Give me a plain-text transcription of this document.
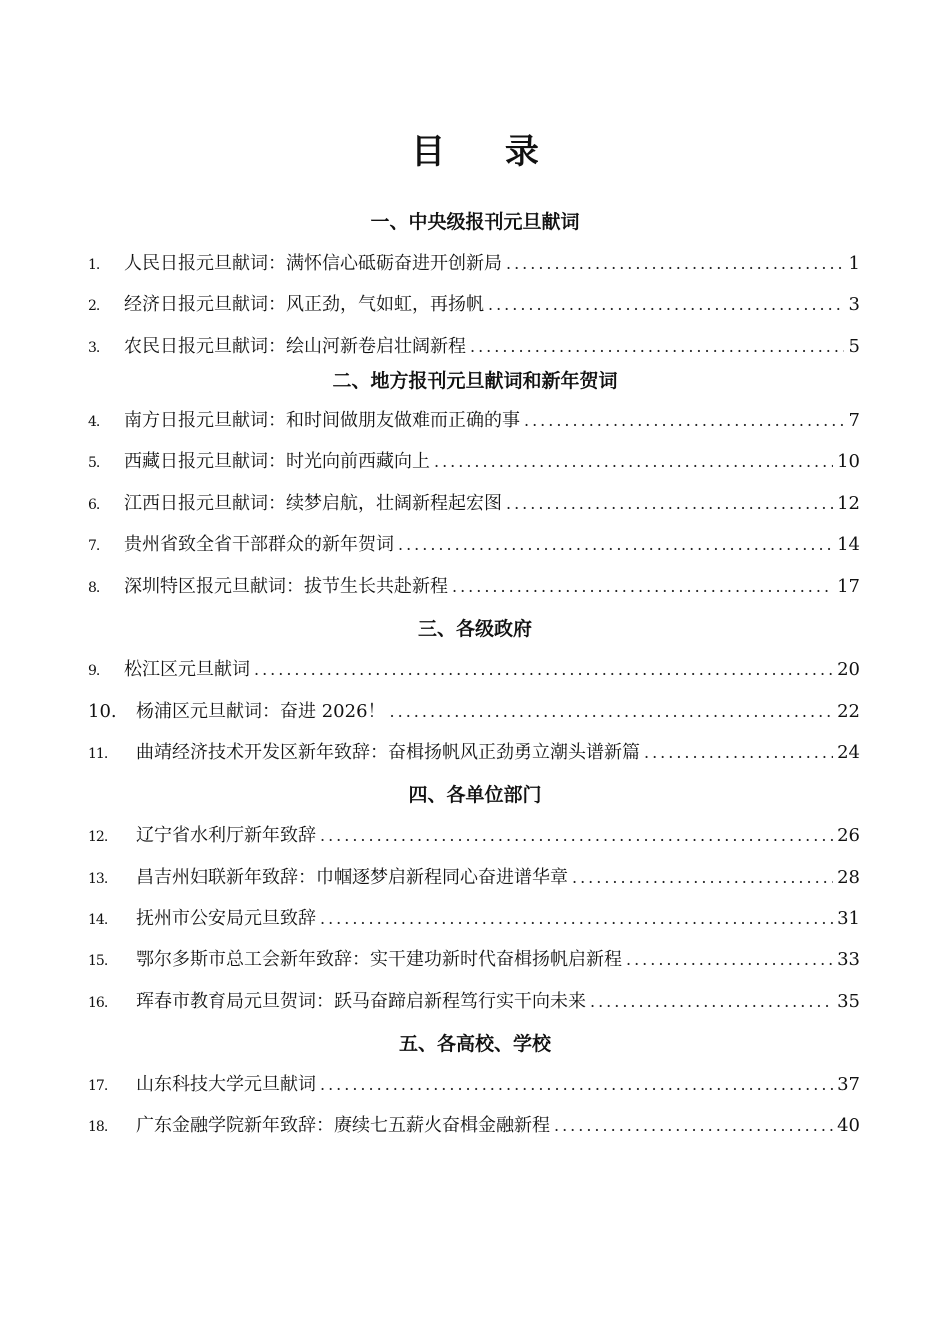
目 录
一、中央级报刊元旦献词
1.	人民日报元旦献词：满怀信心砥砺奋进开创新局 .....	1
2.	经济日报元旦献词：风正劲，气如虹，再扬帆 .....	3
3.	农民日报元旦献词：绘山河新卷启壮阔新程 .....	5
二、地方报刊元旦献词和新年贺词
4.	南方日报元旦献词：和时间做朋友做难而正确的事 .....	7
5.	西藏日报元旦献词：时光向前西藏向上 .....	10
6.	江西日报元旦献词：续梦启航，壮阔新程起宏图 .....	12
7.	贵州省致全省干部群众的新年贺词 .....	14
8.	深圳特区报元旦献词：拔节生长共赴新程 .....	17
三、各级政府
9.	松江区元旦献词 .....	20
10.	杨浦区元旦献词：奋进 2026！ .....	22
11.	曲靖经济技术开发区新年致辞：奋楫扬帆风正劲勇立潮头谱新篇 .....	24
四、各单位部门
12.	辽宁省水利厅新年致辞 .....	26
13.	昌吉州妇联新年致辞：巾帼逐梦启新程同心奋进谱华章 .....	28
14.	抚州市公安局元旦致辞 .....	31
15.	鄂尔多斯市总工会新年致辞：实干建功新时代奋楫扬帆启新程 .....	33
16.	珲春市教育局元旦贺词：跃马奋蹄启新程笃行实干向未来 .....	35
五、各高校、学校
17.	山东科技大学元旦献词 .....	37
18.	广东金融学院新年致辞：赓续七五薪火奋楫金融新程 .....	40
